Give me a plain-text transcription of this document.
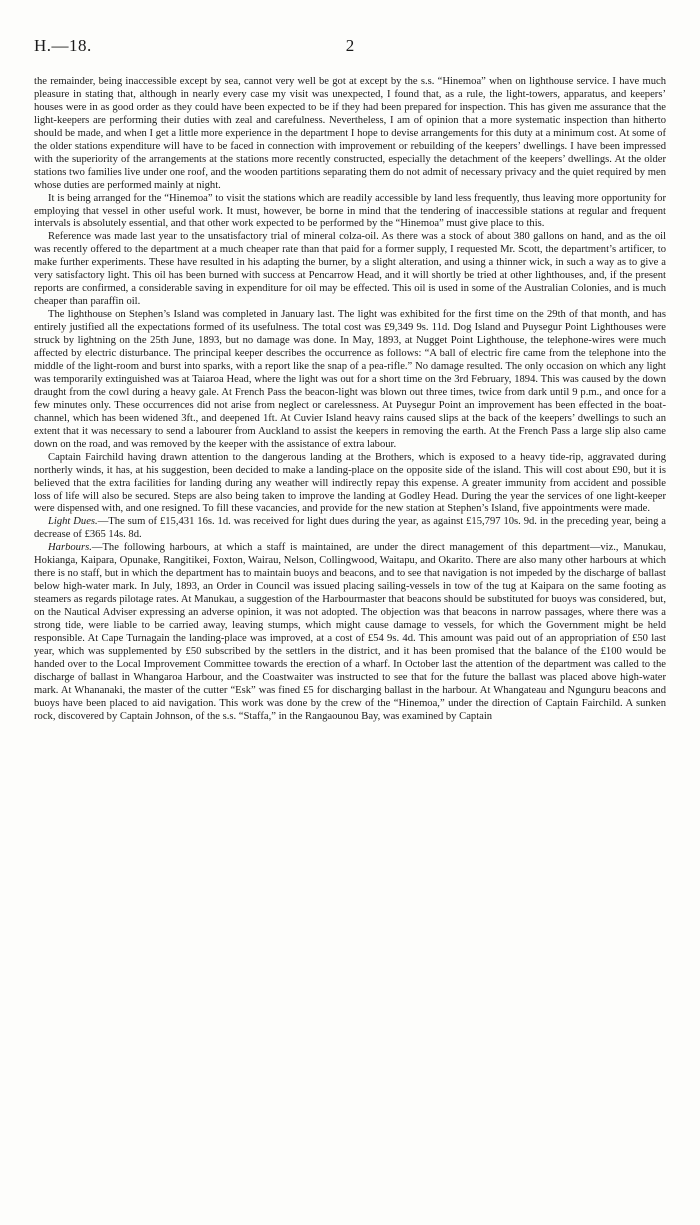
H.—18.	2

the remainder, being inaccessible except by sea, cannot very well be got at except by the s.s. “Hinemoa” when on lighthouse service. I have much pleasure in stating that, although in nearly every case my visit was unexpected, I found that, as a rule, the light-towers, apparatus, and keepers’ houses were in as good order as they could have been expected to be if they had been prepared for inspection. This has given me assurance that the light-keepers are performing their duties with zeal and carefulness. Nevertheless, I am of opinion that a more systematic inspection than hitherto should be made, and when I get a little more experience in the department I hope to devise arrangements for this duty at a minimum cost. At some of the older stations expenditure will have to be faced in connection with improvement or rebuilding of the keepers’ dwellings. I have been impressed with the superiority of the arrangements at the stations more recently constructed, especially the detachment of the keepers’ dwellings. At the older stations two families live under one roof, and the wooden partitions separating them do not admit of necessary privacy and the quiet required by men whose duties are performed mainly at night.

It is being arranged for the “Hinemoa” to visit the stations which are readily accessible by land less frequently, thus leaving more opportunity for employing that vessel in other useful work. It must, however, be borne in mind that the tendering of inaccessible stations at regular and frequent intervals is absolutely essential, and that other work expected to be performed by the “Hinemoa” must give place to this.

Reference was made last year to the unsatisfactory trial of mineral colza-oil. As there was a stock of about 380 gallons on hand, and as the oil was recently offered to the department at a much cheaper rate than that paid for a former supply, I requested Mr. Scott, the department’s artificer, to make further experiments. These have resulted in his adapting the burner, by a slight alteration, and using a thinner wick, in such a way as to give a very satisfactory light. This oil has been burned with success at Pencarrow Head, and it will shortly be tried at other lighthouses, and, if the present reports are confirmed, a considerable saving in expenditure for oil may be effected. This oil is used in some of the Australian Colonies, and is much cheaper than paraffin oil.

The lighthouse on Stephen’s Island was completed in January last. The light was exhibited for the first time on the 29th of that month, and has entirely justified all the expectations formed of its usefulness. The total cost was £9,349 9s. 11d. Dog Island and Puysegur Point Lighthouses were struck by lightning on the 25th June, 1893, but no damage was done. In May, 1893, at Nugget Point Lighthouse, the telephone-wires were much affected by electric disturbance. The principal keeper describes the occurrence as follows: “A ball of electric fire came from the telephone into the middle of the light-room and burst into sparks, with a report like the snap of a pea-rifle.” No damage resulted. The only occasion on which any light was temporarily extinguished was at Taiaroa Head, where the light was out for a short time on the 3rd February, 1894. This was caused by the down draught from the cowl during a heavy gale. At French Pass the beacon-light was blown out three times, twice from dark until 9 p.m., and once for a few minutes only. These occurrences did not arise from neglect or carelessness. At Puysegur Point an improvement has been effected in the boat-channel, which has been widened 3ft., and deepened 1ft. At Cuvier Island heavy rains caused slips at the back of the keepers’ dwellings to such an extent that it was necessary to send a labourer from Auckland to assist the keepers in removing the earth. At the French Pass a large slip also came down on the road, and was removed by the keeper with the assistance of extra labour.

Captain Fairchild having drawn attention to the dangerous landing at the Brothers, which is exposed to a heavy tide-rip, aggravated during northerly winds, it has, at his suggestion, been decided to make a landing-place on the opposite side of the island. This will cost about £90, but it is believed that the extra facilities for landing during any weather will indirectly repay this expense. A greater immunity from accident and possible loss of life will also be secured. Steps are also being taken to improve the landing at Godley Head. During the year the services of one light-keeper were dispensed with, and one resigned. To fill these vacancies, and provide for the new station at Stephen’s Island, five appointments were made.

Light Dues.—The sum of £15,431 16s. 1d. was received for light dues during the year, as against £15,797 10s. 9d. in the preceding year, being a decrease of £365 14s. 8d.

Harbours.—The following harbours, at which a staff is maintained, are under the direct management of this department—viz., Manukau, Hokianga, Kaipara, Opunake, Rangitikei, Foxton, Wairau, Nelson, Collingwood, Waitapu, and Okarito. There are also many other harbours at which there is no staff, but in which the department has to maintain buoys and beacons, and to see that navigation is not impeded by the discharge of ballast below high-water mark. In July, 1893, an Order in Council was issued placing sailing-vessels in tow of the tug at Kaipara on the same footing as steamers as regards pilotage rates. At Manukau, a suggestion of the Harbourmaster that beacons should be substituted for buoys was considered, but, on the Nautical Adviser expressing an adverse opinion, it was not adopted. The objection was that beacons in narrow passages, where there was a strong tide, were liable to be carried away, leaving stumps, which might cause damage to vessels, for which the Government might be held responsible. At Cape Turnagain the landing-place was improved, at a cost of £54 9s. 4d. This amount was paid out of an appropriation of £50 last year, which was supplemented by £50 subscribed by the settlers in the district, and it has been promised that the balance of the £100 would be handed over to the Local Improvement Committee towards the erection of a wharf. In October last the attention of the department was called to the discharge of ballast in Whangaroa Harbour, and the Coastwaiter was instructed to see that for the future the ballast was placed above high-water mark. At Whananaki, the master of the cutter “Esk” was fined £5 for discharging ballast in the harbour. At Whangateau and Ngunguru beacons and buoys have been placed to aid navigation. This work was done by the crew of the “Hinemoa,” under the direction of Captain Fairchild. A sunken rock, discovered by Captain Johnson, of the s.s. “Staffa,” in the Rangaounou Bay, was examined by Captain
